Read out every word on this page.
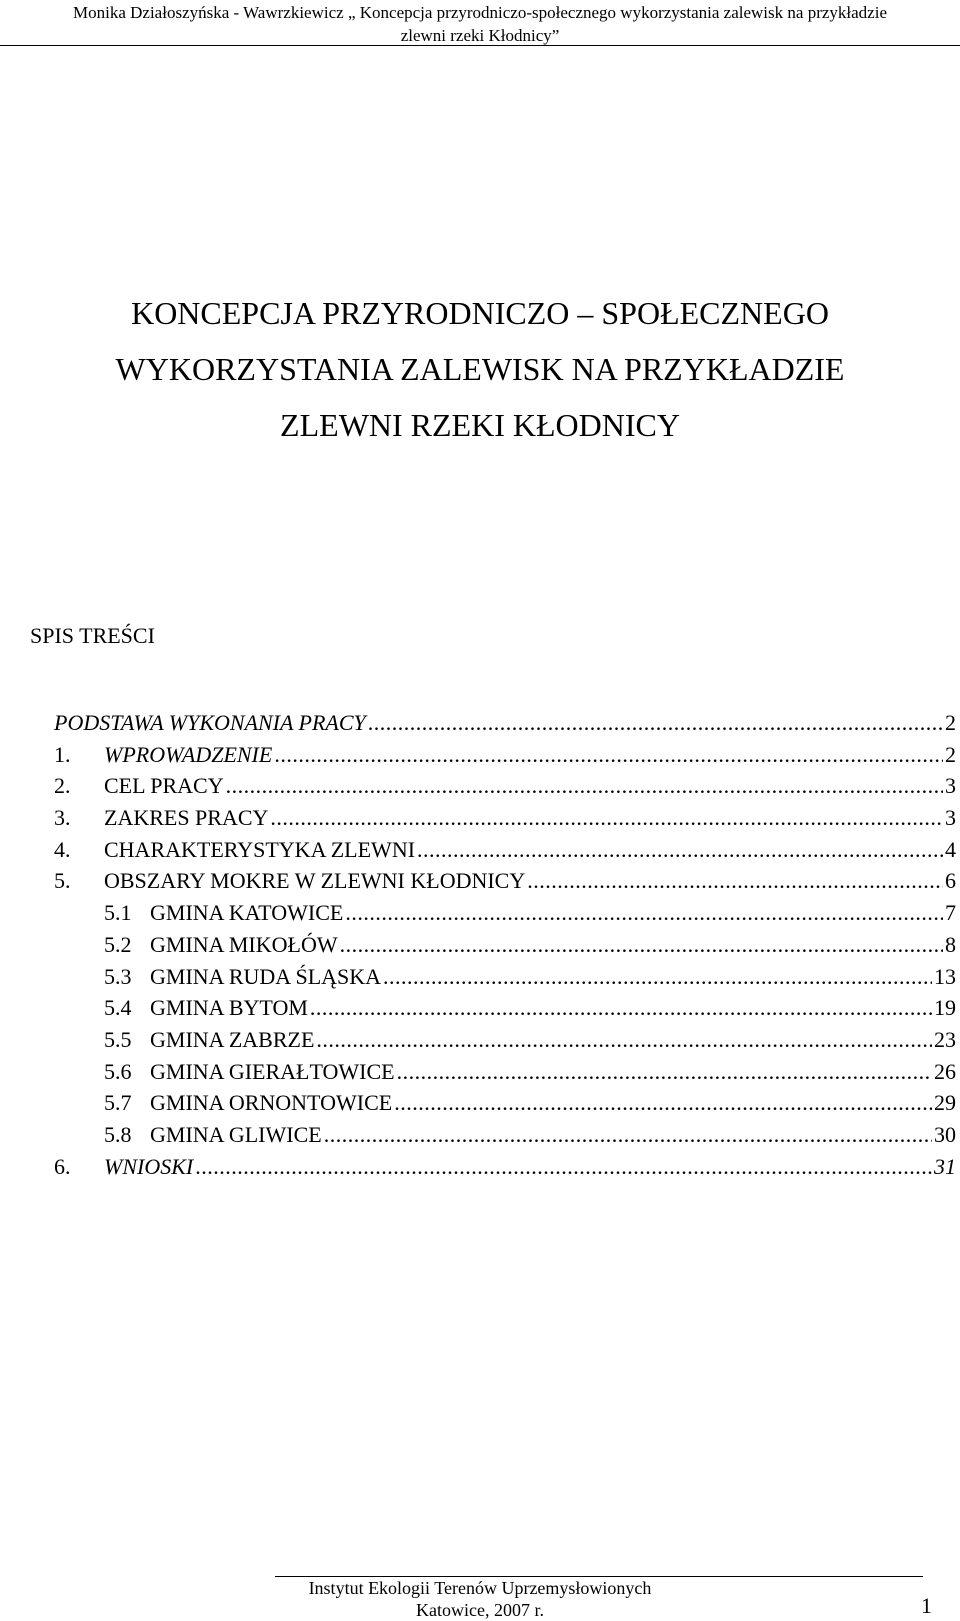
Monika Działoszyńska - Wawrzkiewicz „ Koncepcja przyrodniczo-społecznego wykorzystania zalewisk na przykładzie
zlewni rzeki Kłodnicy”
KONCEPCJA PRZYRODNICZO – SPOŁECZNEGO
WYKORZYSTANIA ZALEWISK NA PRZYKŁADZIE
ZLEWNI RZEKI KŁODNICY
SPIS TREŚCI
PODSTAWA WYKONANIA PRACY .....	2
1.	WPROWADZENIE .....	2
2.	CEL PRACY .....	3
3.	ZAKRES PRACY .....	3
4.	CHARAKTERYSTYKA ZLEWNI .....	4
5.	OBSZARY MOKRE W ZLEWNI KŁODNICY .....	6
5.1 GMINA KATOWICE .....	7
5.2 GMINA MIKOŁÓW .....	8
5.3 GMINA RUDA ŚLĄSKA .....	13
5.4 GMINA BYTOM .....	19
5.5 GMINA ZABRZE .....	23
5.6 GMINA GIERAŁTOWICE .....	26
5.7 GMINA ORNONTOWICE .....	29
5.8 GMINA GLIWICE .....	30
6.	WNIOSKI .....	31
Instytut Ekologii Terenów Uprzemysłowionych
Katowice, 2007 r.	1
